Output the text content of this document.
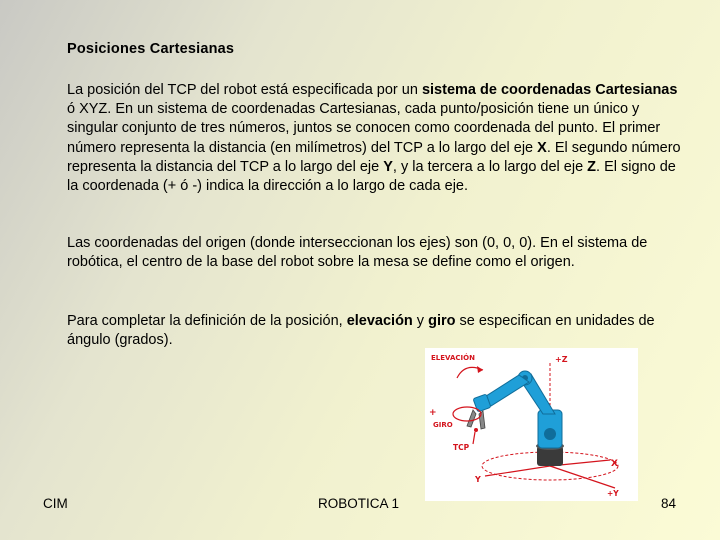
Posiciones Cartesianas
La posición del TCP del robot está especificada por un sistema de coordenadas Cartesianas ó XYZ. En un sistema de coordenadas Cartesianas, cada punto/posición tiene un único y singular conjunto de tres números, juntos se conocen como coordenada del punto. El primer número representa la distancia (en milímetros) del TCP a lo largo del eje X. El segundo número representa la distancia del TCP a lo largo del eje Y, y la tercera a lo largo del eje Z. El signo de la coordenada (+ ó -) indica la dirección a lo largo de cada eje.
Las coordenadas del origen (donde interseccionan los ejes) son (0, 0, 0). En el sistema de robótica, el centro de la base del robot sobre la mesa se define como el origen.
Para completar la definición de la posición, elevación y giro se especifican en unidades de ángulo (grados).
ELEVACIÓN	+Z
+
GIRO
TCP
X
Y
+Y
CIM	ROBOTICA 1	84
